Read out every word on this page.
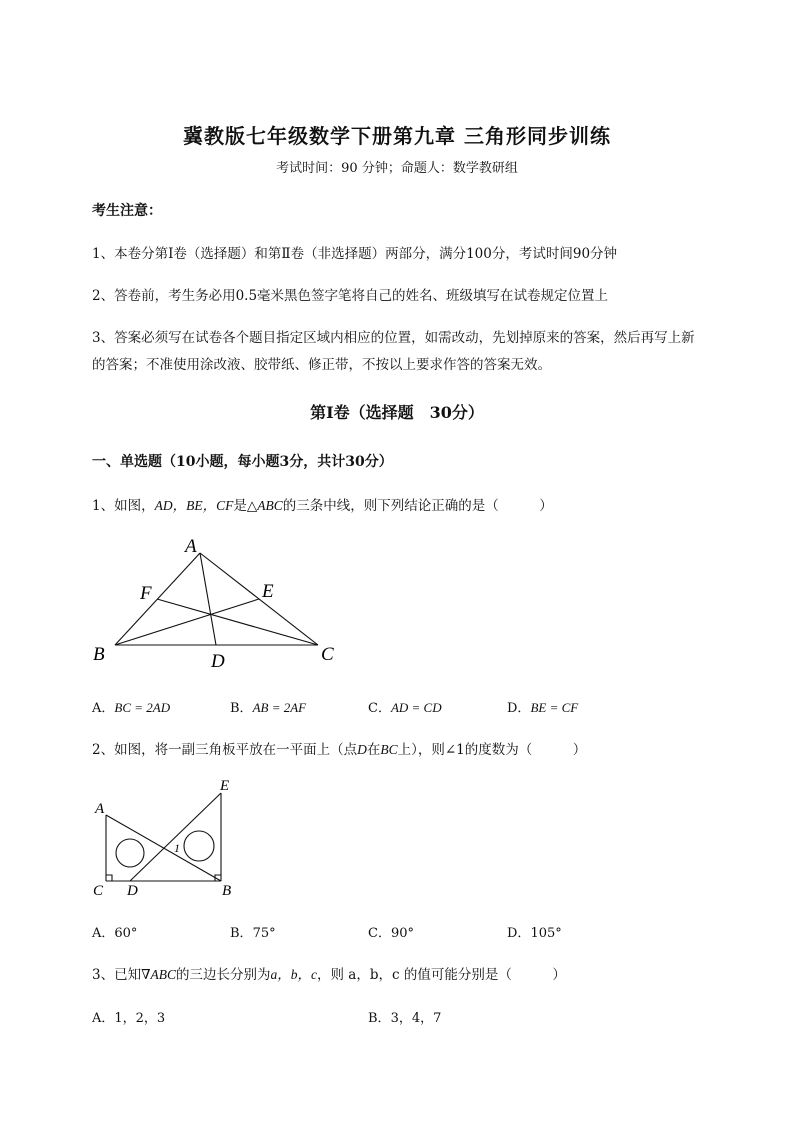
冀教版七年级数学下册第九章 三角形同步训练
考试时间：90 分钟；命题人：数学教研组
考生注意：
1、本卷分第Ⅰ卷（选择题）和第Ⅱ卷（非选择题）两部分，满分100分，考试时间90分钟
2、答卷前，考生务必用0.5毫米黑色签字笔将自己的姓名、班级填写在试卷规定位置上
3、答案必须写在试卷各个题目指定区域内相应的位置，如需改动，先划掉原来的答案，然后再写上新
的答案；不准使用涂改液、胶带纸、修正带，不按以上要求作答的答案无效。
第Ⅰ卷（选择题　30分）
一、单选题（10小题，每小题3分，共计30分）
1、如图，AD，BE，CF是△ABC的三条中线，则下列结论正确的是（　　　）
A
B	C
D
E
F
A．BC = 2AD	B．AB = 2AF	C．AD = CD	D．BE = CF
2、如图，将一副三角板平放在一平面上（点D在BC上），则∠1的度数为（　　　）
A
B
C D
E
1
A．60°	B．75°	C．90°	D．105°
3、已知∇ABC的三边长分别为a，b，c，则 a，b，c 的值可能分别是（　　　）
A．1，2，3	B．3，4，7
